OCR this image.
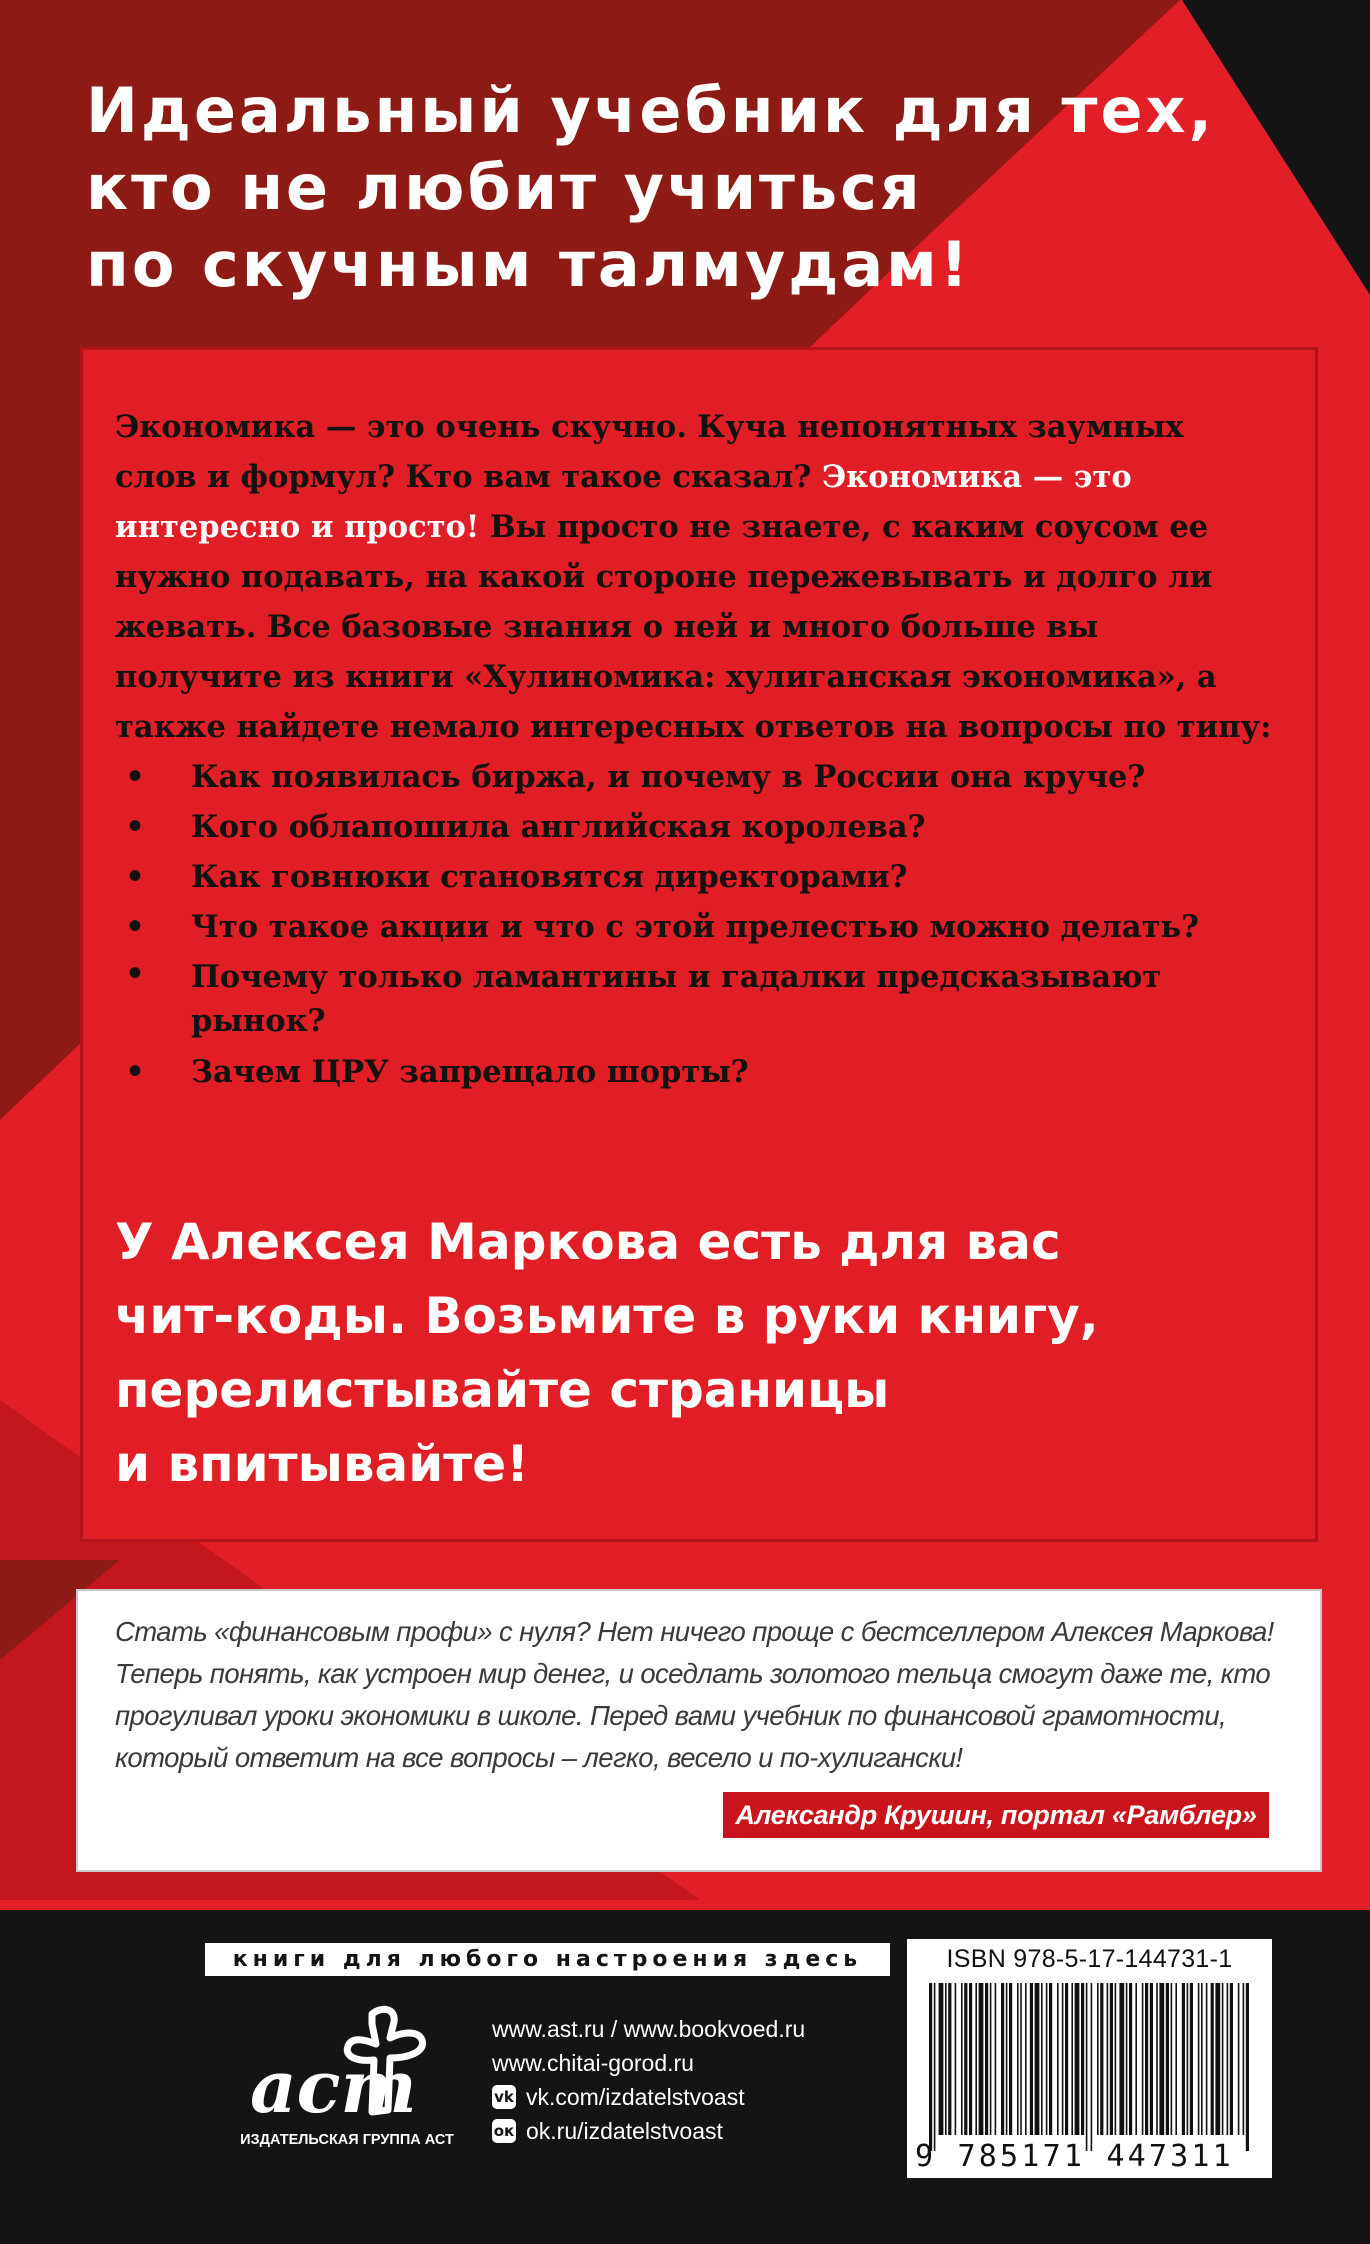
Идеальный учебник для тех,
кто не любит учиться
по скучным талмудам!

Экономика — это очень скучно. Куча непонятных заумных слов и формул? Кто вам такое сказал? Экономика — это интересно и просто! Вы просто не знаете, с каким соусом ее нужно подавать, на какой стороне пережевывать и долго ли жевать. Все базовые знания о ней и много больше вы получите из книги «Хулиномика: хулиганская экономика», а также найдете немало интересных ответов на вопросы по типу:

• Как появилась биржа, и почему в России она круче?
• Кого облапошила английская королева?
• Как говнюки становятся директорами?
• Что такое акции и что с этой прелестью можно делать?
• Почему только ламантины и гадалки предсказывают рынок?
• Зачем ЦРУ запрещало шорты?
У Алексея Маркова есть для вас
чит-коды. Возьмите в руки книгу,
перелистывайте страницы
и впитывайте!
Стать «финансовым профи» с нуля? Нет ничего проще с бестселлером Алексея Маркова! Теперь понять, как устроен мир денег, и оседлать золотого тельца смогут даже те, кто прогуливал уроки экономики в школе. Перед вами учебник по финансовой грамотности, который ответит на все вопросы – легко, весело и по-хулигански!
Александр Крушин, портал «Рамблер»
книги для любого настроения здесь
аст
ИЗДАТЕЛЬСКАЯ ГРУППА АСТ
www.ast.ru / www.bookvoed.ru
www.chitai-gorod.ru
vk vk.com/izdatelstvoast
ок ok.ru/izdatelstvoast
ISBN 978-5-17-144731-1
9 785171 447311
